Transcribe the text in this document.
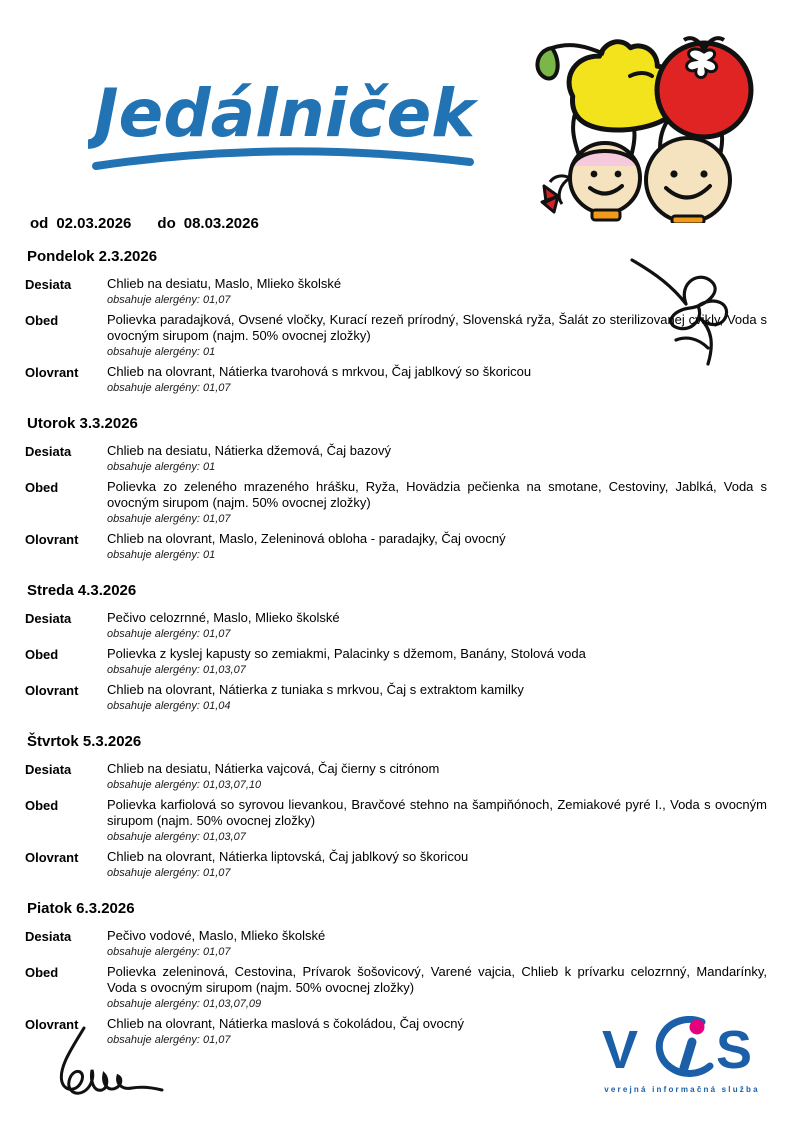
Jedálniček
od 02.03.2026 do 08.03.2026
Pondelok 2.3.2026
Desiata	Chlieb na desiatu, Maslo, Mlieko školské
obsahuje alergény: 01,07
Obed	Polievka paradajková, Ovsené vločky, Kurací rezeň prírodný, Slovenská ryža, Šalát zo sterilizovanej cvikly, Voda s ovocným sirupom (najm. 50% ovocnej zložky)
obsahuje alergény: 01
Olovrant	Chlieb na olovrant, Nátierka tvarohová s mrkvou, Čaj jablkový so škoricou
obsahuje alergény: 01,07
Utorok 3.3.2026
Desiata	Chlieb na desiatu, Nátierka džemová, Čaj bazový
obsahuje alergény: 01
Obed	Polievka zo zeleného mrazeného hrášku, Ryža, Hovädzia pečienka na smotane, Cestoviny, Jablká, Voda s ovocným sirupom (najm. 50% ovocnej zložky)
obsahuje alergény: 01,07
Olovrant	Chlieb na olovrant, Maslo, Zeleninová obloha - paradajky, Čaj ovocný
obsahuje alergény: 01
Streda 4.3.2026
Desiata	Pečivo celozrnné, Maslo, Mlieko školské
obsahuje alergény: 01,07
Obed	Polievka z kyslej kapusty so zemiakmi, Palacinky s džemom, Banány, Stolová voda
obsahuje alergény: 01,03,07
Olovrant	Chlieb na olovrant, Nátierka z tuniaka s mrkvou, Čaj s extraktom kamilky
obsahuje alergény: 01,04
Štvrtok 5.3.2026
Desiata	Chlieb na desiatu, Nátierka vajcová, Čaj čierny s citrónom
obsahuje alergény: 01,03,07,10
Obed	Polievka karfiolová so syrovou lievankou, Bravčové stehno na šampiňónoch, Zemiakové pyré I., Voda s ovocným sirupom (najm. 50% ovocnej zložky)
obsahuje alergény: 01,03,07
Olovrant	Chlieb na olovrant, Nátierka liptovská, Čaj jablkový so škoricou
obsahuje alergény: 01,07
Piatok 6.3.2026
Desiata	Pečivo vodové, Maslo, Mlieko školské
obsahuje alergény: 01,07
Obed	Polievka zeleninová, Cestovina, Prívarok šošovicový, Varené vajcia, Chlieb k prívarku celozrnný, Mandarínky, Voda s ovocným sirupom (najm. 50% ovocnej zložky)
obsahuje alergény: 01,03,07,09
Olovrant	Chlieb na olovrant, Nátierka maslová s čokoládou, Čaj ovocný
obsahuje alergény: 01,07	V S
verejná informačná služba
